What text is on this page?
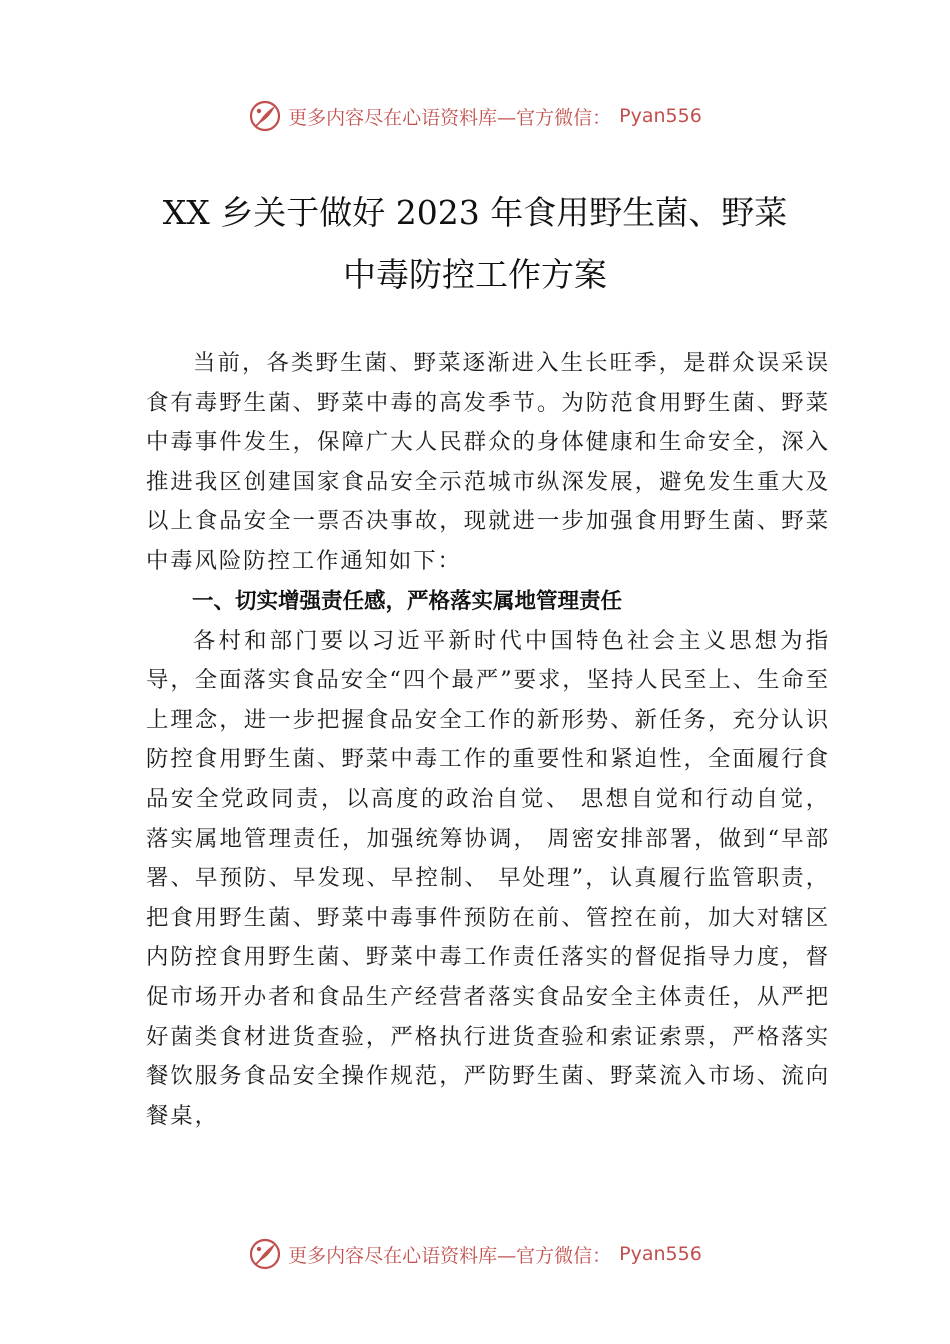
更多内容尽在心语资料库—官方微信： Pyan556
XX 乡关于做好 2023 年食用野生菌、野菜
中毒防控工作方案

当前，各类野生菌、野菜逐渐进入生长旺季，是群众误采误食有毒野生菌、野菜中毒的高发季节。为防范食用野生菌、野菜中毒事件发生，保障广大人民群众的身体健康和生命安全，深入推进我区创建国家食品安全示范城市纵深发展，避免发生重大及以上食品安全一票否决事故，现就进一步加强食用野生菌、野菜中毒风险防控工作通知如下：

一、切实增强责任感，严格落实属地管理责任

各村和部门要以习近平新时代中国特色社会主义思想为指导，全面落实食品安全“四个最严”要求，坚持人民至上、生命至上理念，进一步把握食品安全工作的新形势、新任务，充分认识防控食用野生菌、野菜中毒工作的重要性和紧迫性，全面履行食品安全党政同责，以高度的政治自觉、 思想自觉和行动自觉，落实属地管理责任，加强统筹协调， 周密安排部署，做到“早部署、早预防、早发现、早控制、 早处理”，认真履行监管职责，把食用野生菌、野菜中毒事件预防在前、管控在前，加大对辖区内防控食用野生菌、野菜中毒工作责任落实的督促指导力度，督促市场开办者和食品生产经营者落实食品安全主体责任，从严把好菌类食材进货查验，严格执行进货查验和索证索票，严格落实餐饮服务食品安全操作规范，严防野生菌、野菜流入市场、流向餐桌，

更多内容尽在心语资料库—官方微信： Pyan556
